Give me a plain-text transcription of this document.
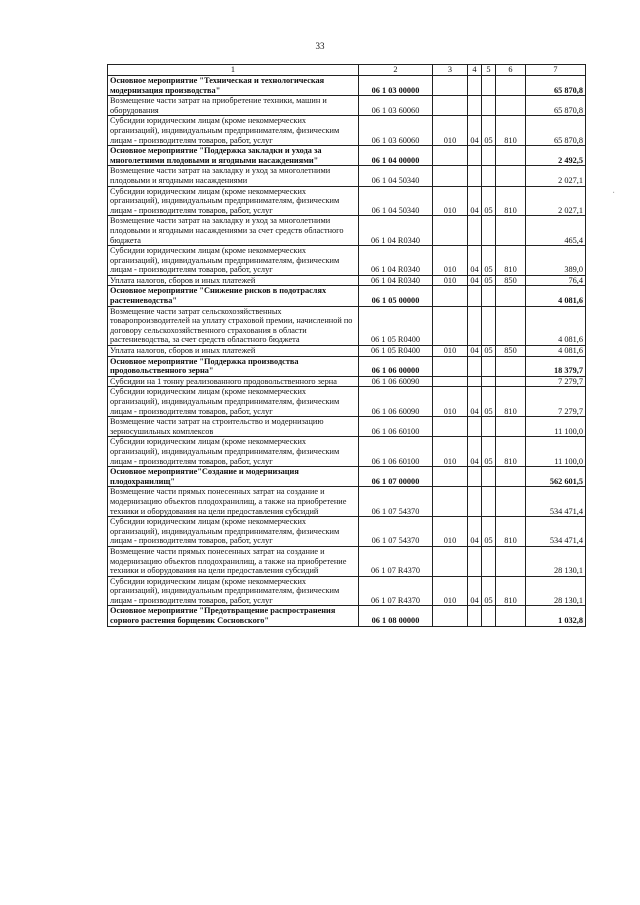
33
1	2	3	4	5	6	7
Основное мероприятие "Техническая и технологическая модернизация производства"	06 1 03 00000					65 870,8
Возмещение части затрат на приобретение техники, машин и оборудования	06 1 03 60060					65 870,8
Субсидии юридическим лицам (кроме некоммерческих организаций), индивидуальным предпринимателям, физическим лицам - производителям товаров, работ, услуг	06 1 03 60060	010	04	05	810	65 870,8
Основное мероприятие "Поддержка закладки и ухода за многолетними плодовыми и ягодными насаждениями"	06 1 04 00000					2 492,5
Возмещение части затрат на закладку и уход за многолетними плодовыми и ягодными насаждениями	06 1 04 50340					2 027,1
Субсидии юридическим лицам (кроме некоммерческих организаций), индивидуальным предпринимателям, физическим лицам - производителям товаров, работ, услуг	06 1 04 50340	010	04	05	810	2 027,1
Возмещение части затрат на закладку и уход за многолетними плодовыми и ягодными насаждениями за счет средств областного бюджета	06 1 04 R0340					465,4
Субсидии юридическим лицам (кроме некоммерческих организаций), индивидуальным предпринимателям, физическим лицам - производителям товаров, работ, услуг	06 1 04 R0340	010	04	05	810	389,0
Уплата налогов, сборов и иных платежей	06 1 04 R0340	010	04	05	850	76,4
Основное мероприятие "Снижение рисков в подотраслях растениеводства"	06 1 05 00000					4 081,6
Возмещение части затрат сельскохозяйственных товаропроизводителей на уплату страховой премии, начисленной по договору сельскохозяйственного страхования в области растениеводства, за счет средств областного бюджета	06 1 05 R0400					4 081,6
Уплата налогов, сборов и иных платежей	06 1 05 R0400	010	04	05	850	4 081,6
Основное мероприятие "Поддержка производства продовольственного зерна"	06 1 06 00000					18 379,7
Субсидии на 1 тонну реализованного продовольственного зерна	06 1 06 60090					7 279,7
Субсидии юридическим лицам (кроме некоммерческих организаций), индивидуальным предпринимателям, физическим лицам - производителям товаров, работ, услуг	06 1 06 60090	010	04	05	810	7 279,7
Возмещение части затрат на строительство и модернизацию зерносушильных комплексов	06 1 06 60100					11 100,0
Субсидии юридическим лицам (кроме некоммерческих организаций), индивидуальным предпринимателям, физическим лицам - производителям товаров, работ, услуг	06 1 06 60100	010	04	05	810	11 100,0
Основное мероприятие"Создание и модернизация плодохранилищ"	06 1 07 00000					562 601,5
Возмещение части прямых понесенных затрат на создание и модернизацию объектов плодохранилищ, а также на приобретение техники и оборудования на цели предоставления субсидий	06 1 07 54370					534 471,4
Субсидии юридическим лицам (кроме некоммерческих организаций), индивидуальным предпринимателям, физическим лицам - производителям товаров, работ, услуг	06 1 07 54370	010	04	05	810	534 471,4
Возмещение части прямых понесенных затрат на создание и модернизацию объектов плодохранилищ, а также на приобретение техники и оборудования на цели предоставления субсидий	06 1 07 R4370					28 130,1
Субсидии юридическим лицам (кроме некоммерческих организаций), индивидуальным предпринимателям, физическим лицам - производителям товаров, работ, услуг	06 1 07 R4370	010	04	05	810	28 130,1
Основное мероприятие "Предотвращение распространения сорного растения борщевик Сосновского"	06 1 08 00000					1 032,8
·
